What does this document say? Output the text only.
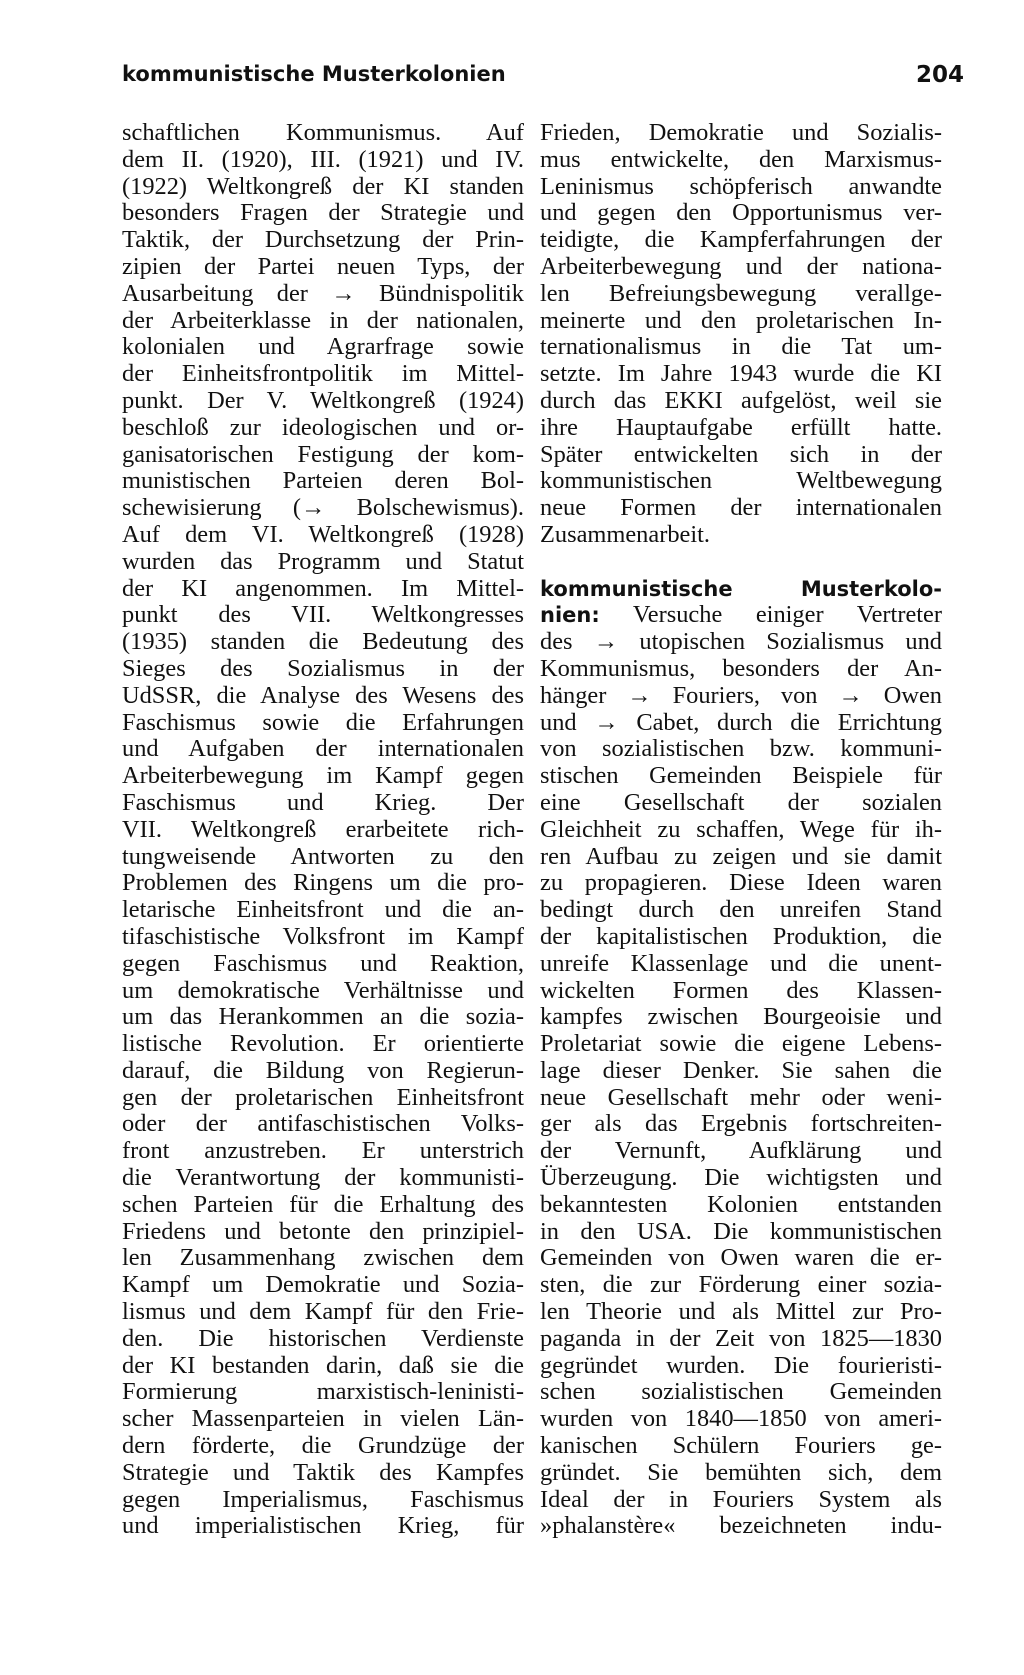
kommunistische Musterkolonien	204
schaftlichen Kommunismus. Auf
dem II. (1920), III. (1921) und IV.
(1922) Weltkongreß der KI standen
besonders Fragen der Strategie und
Taktik, der Durchsetzung der Prin-
zipien der Partei neuen Typs, der
Ausarbeitung der → Bündnispolitik
der Arbeiterklasse in der nationalen,
kolonialen und Agrarfrage sowie
der Einheitsfrontpolitik im Mittel-
punkt. Der V. Weltkongreß (1924)
beschloß zur ideologischen und or-
ganisatorischen Festigung der kom-
munistischen Parteien deren Bol-
schewisierung (→ Bolschewismus).
Auf dem VI. Weltkongreß (1928)
wurden das Programm und Statut
der KI angenommen. Im Mittel-
punkt des VII. Weltkongresses
(1935) standen die Bedeutung des
Sieges des Sozialismus in der
UdSSR, die Analyse des Wesens des
Faschismus sowie die Erfahrungen
und Aufgaben der internationalen
Arbeiterbewegung im Kampf gegen
Faschismus und Krieg. Der
VII. Weltkongreß erarbeitete rich-
tungweisende Antworten zu den
Problemen des Ringens um die pro-
letarische Einheitsfront und die an-
tifaschistische Volksfront im Kampf
gegen Faschismus und Reaktion,
um demokratische Verhältnisse und
um das Herankommen an die sozia-
listische Revolution. Er orientierte
darauf, die Bildung von Regierun-
gen der proletarischen Einheitsfront
oder der antifaschistischen Volks-
front anzustreben. Er unterstrich
die Verantwortung der kommunisti-
schen Parteien für die Erhaltung des
Friedens und betonte den prinzipiel-
len Zusammenhang zwischen dem
Kampf um Demokratie und Sozia-
lismus und dem Kampf für den Frie-
den. Die historischen Verdienste
der KI bestanden darin, daß sie die
Formierung marxistisch-leninisti-
scher Massenparteien in vielen Län-
dern förderte, die Grundzüge der
Strategie und Taktik des Kampfes
gegen Imperialismus, Faschismus
und imperialistischen Krieg, für
Frieden, Demokratie und Sozialis-
mus entwickelte, den Marxismus-
Leninismus schöpferisch anwandte
und gegen den Opportunismus ver-
teidigte, die Kampferfahrungen der
Arbeiterbewegung und der nationa-
len Befreiungsbewegung verallge-
meinerte und den proletarischen In-
ternationalismus in die Tat um-
setzte. Im Jahre 1943 wurde die KI
durch das EKKI aufgelöst, weil sie
ihre Hauptaufgabe erfüllt hatte.
Später entwickelten sich in der
kommunistischen Weltbewegung
neue Formen der internationalen
Zusammenarbeit.
kommunistische Musterkolo-
nien: Versuche einiger Vertreter
des → utopischen Sozialismus und
Kommunismus, besonders der An-
hänger → Fouriers, von → Owen
und → Cabet, durch die Errichtung
von sozialistischen bzw. kommuni-
stischen Gemeinden Beispiele für
eine Gesellschaft der sozialen
Gleichheit zu schaffen, Wege für ih-
ren Aufbau zu zeigen und sie damit
zu propagieren. Diese Ideen waren
bedingt durch den unreifen Stand
der kapitalistischen Produktion, die
unreife Klassenlage und die unent-
wickelten Formen des Klassen-
kampfes zwischen Bourgeoisie und
Proletariat sowie die eigene Lebens-
lage dieser Denker. Sie sahen die
neue Gesellschaft mehr oder weni-
ger als das Ergebnis fortschreiten-
der Vernunft, Aufklärung und
Überzeugung. Die wichtigsten und
bekanntesten Kolonien entstanden
in den USA. Die kommunistischen
Gemeinden von Owen waren die er-
sten, die zur Förderung einer sozia-
len Theorie und als Mittel zur Pro-
paganda in der Zeit von 1825—1830
gegründet wurden. Die fourieristi-
schen sozialistischen Gemeinden
wurden von 1840—1850 von ameri-
kanischen Schülern Fouriers ge-
gründet. Sie bemühten sich, dem
Ideal der in Fouriers System als
»phalanstère« bezeichneten indu-
